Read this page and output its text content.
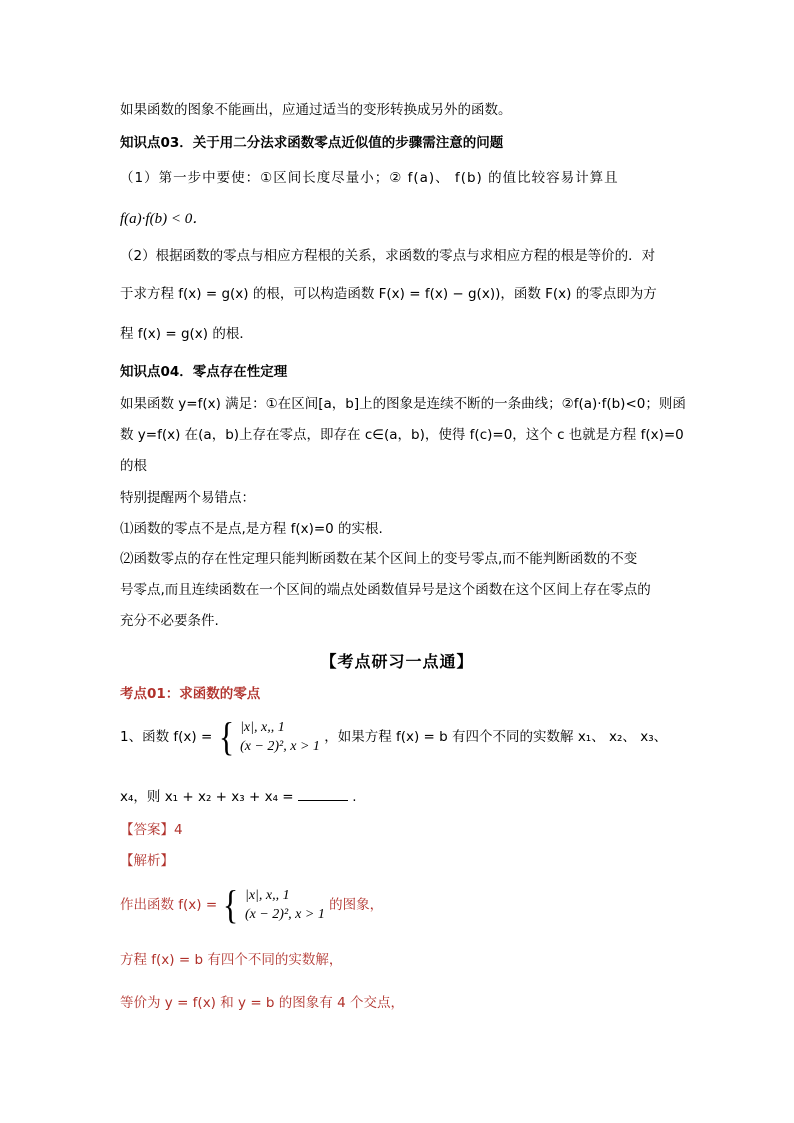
如果函数的图象不能画出，应通过适当的变形转换成另外的函数。
知识点03．关于用二分法求函数零点近似值的步骤需注意的问题
（1）第一步中要使：①区间长度尽量小；② f(a)、 f(b) 的值比较容易计算且
f(a)·f(b) < 0．
（2）根据函数的零点与相应方程根的关系，求函数的零点与求相应方程的根是等价的．对
于求方程 f(x) = g(x) 的根，可以构造函数 F(x) = f(x) − g(x))，函数 F(x) 的零点即为方
程 f(x) = g(x) 的根．
知识点04．零点存在性定理
如果函数 y=f(x) 满足：①在区间[a，b]上的图象是连续不断的一条曲线；②f(a)·f(b)<0；则函
数 y=f(x) 在(a，b)上存在零点，即存在 c∈(a，b)，使得 f(c)=0，这个 c 也就是方程 f(x)=0
的根
特别提醒两个易错点：
⑴函数的零点不是点,是方程 f(x)=0 的实根.
⑵函数零点的存在性定理只能判断函数在某个区间上的变号零点,而不能判断函数的不变
号零点,而且连续函数在一个区间的端点处函数值异号是这个函数在这个区间上存在零点的
充分不必要条件.
【考点研习一点通】
考点01：求函数的零点
1、函数 f(x) = { |x|, x,, 1
(x − 2)², x > 1
，如果方程 f(x) = b 有四个不同的实数解 x₁、 x₂、 x₃、
x₄，则 x₁ + x₂ + x₃ + x₄ =	.
【答案】4
【解析】
作出函数 f(x) = { |x|, x,, 1
(x − 2)², x > 1
的图象，
方程 f(x) = b 有四个不同的实数解，
等价为 y = f(x) 和 y = b 的图象有 4 个交点，
